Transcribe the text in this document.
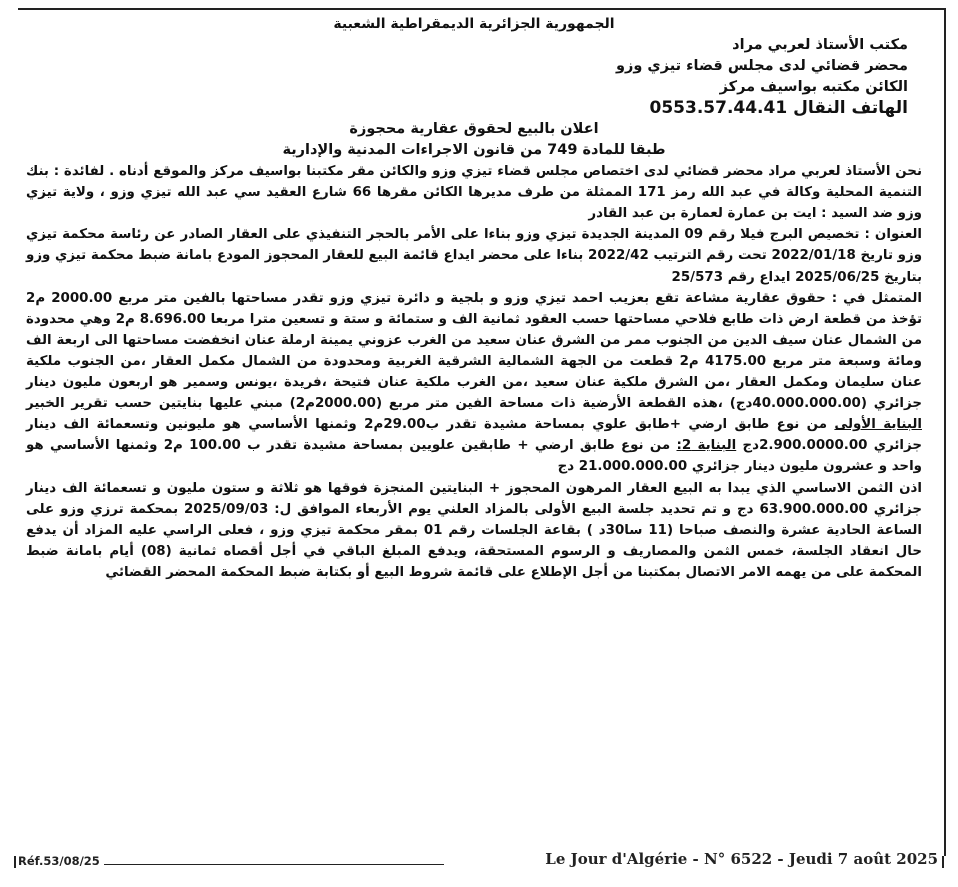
الجمهورية الجزائرية الديمقراطية الشعبية

مكتب الأستاذ لعربي مراد

محضر قضائي لدى مجلس قضاء تيزي وزو

الكائن مكتبه بواسيف مركز

الهاتف النقال 0553.57.44.41

اعلان بالبيع لحقوق عقارية محجوزة

طبقا للمادة 749 من قانون الاجراءات المدنية والإدارية

نحن الأستاذ لعربي مراد محضر قضائي لدى اختصاص مجلس قضاء تيزي وزو والكائن مقر مكتبنا بواسيف مركز والموقع أدناه . لفائدة : بنك التنمية المحلية وكالة في عبد الله رمز 171 الممثلة من طرف مديرها الكائن مقرها 66 شارع العقيد سي عبد الله تيزي وزو ، ولاية تيزي وزو ضد السيد : ايت بن عمارة لعمارة بن عبد القادر

العنوان : تخصيص البرج فيلا رقم 09 المدينة الجديدة تيزي وزو بناءا على الأمر بالحجر التنفيذي على العقار الصادر عن رئاسة محكمة تيزي وزو تاريخ 2022/01/18 تحت رقم الترتيب 2022/42 بناءا على محضر ايداع قائمة البيع للعقار المحجوز المودع بامانة ضبط محكمة تيزي وزو بتاريخ 2025/06/25 ايداع رقم 25/573

المتمثل في : حقوق عقارية مشاعة تقع بعزيب احمد تيزي وزو و بلجية و دائرة تيزي وزو تقدر مساحتها بالفين متر مربع 2000.00 م2 تؤخذ من قطعة ارض ذات طابع فلاحي مساحتها حسب العقود ثمانية الف و ستمائة و ستة و تسعين مترا مربعا 8.696.00 م2 وهي محدودة من الشمال عنان سيف الدين من الجنوب ممر من الشرق عنان سعيد من الغرب عزوني يمينة ارملة عنان انخفضت مساحتها الى اربعة الف ومائة وسبعة متر مربع 4175.00 م2 قطعت من الجهة الشمالية الشرقية الغربية ومحدودة من الشمال مكمل العقار ،من الجنوب ملكية عنان سليمان ومكمل العقار ،من الشرق ملكية عنان سعيد ،من الغرب ملكية عنان فتيحة ،فريدة ،يونس وسمير هو اربعون مليون دينار جزائري (40.000.000.00دج) ،هذه القطعة الأرضية ذات مساحة الفين متر مربع (2000.00م2) مبني عليها بنايتين حسب تقرير الخبير البناية الأولى من نوع طابق ارضي +طابق علوي بمساحة مشيدة تقدر ب29.00م2 وثمنها الأساسي هو مليونين وتسعمائة الف دينار جزائري 2.900.0000.00دج البناية 2: من نوع طابق ارضي + طابقين علويين بمساحة مشيدة تقدر ب 100.00 م2 وثمنها الأساسي هو واحد و عشرون مليون دينار جزائري 21.000.000.00 دج

اذن الثمن الاساسي الذي يبدا به البيع العقار المرهون المحجوز + البنايتين المنجزة فوقها هو ثلاثة و ستون مليون و تسعمائة الف دينار جزائري 63.900.000.00 دج و تم تحديد جلسة البيع الأولى بالمزاد العلني يوم الأربعاء الموافق ل: 2025/09/03 بمحكمة ترزي وزو على الساعة الحادية عشرة والنصف صباحا (11 سا30د ) بقاعة الجلسات رقم 01 بمقر محكمة تيزي وزو ، فعلى الراسي عليه المزاد أن يدفع حال انعقاد الجلسة، خمس الثمن والمصاريف و الرسوم المستحقة، ويدفع المبلغ الباقي في أجل أقصاه ثمانية (08) أيام بامانة ضبط المحكمة على من يهمه الامر الاتصال بمكتبنا من أجل الإطلاع على قائمة شروط البيع أو بكتابة ضبط المحكمة المحضر القضائي

Réf.53/08/25	Le Jour d'Algérie - N° 6522 - Jeudi 7 août 2025
